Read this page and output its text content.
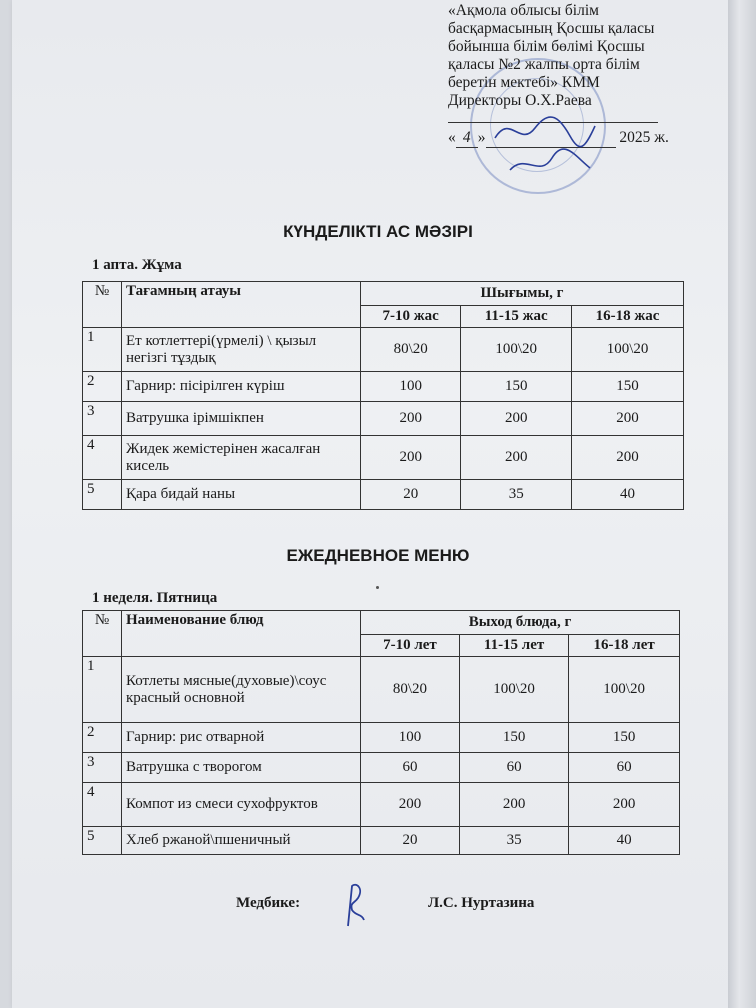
«Ақмола облысы білім
басқармасының Қосшы қаласы
бойынша білім бөлімі Қосшы
қаласы №2 жалпы орта білім
беретін мектебі» КММ
Директоры О.Х.Раева
« 4 »	2025 ж.
КҮНДЕЛІКТІ АС МӘЗІРІ
1 апта. Жұма
№	Тағамның атауы	Шығымы, г		
		7-10 жас	11-15 жас	16-18 жас
1	Ет котлеттері(үрмелі) \ қызыл негізгі тұздық	80\20	100\20	100\20
2	Гарнир: пісірілген күріш	100	150	150
3	Ватрушка ірімшікпен	200	200	200
4	Жидек жемістерінен жасалған кисель	200	200	200
5	Қара бидай наны	20	35	40
ЕЖЕДНЕВНОЕ МЕНЮ
1 неделя. Пятница
№	Наименование блюд	Выход блюда, г		
		7-10 лет	11-15 лет	16-18 лет
1	Котлеты мясные(духовые)\соус красный основной	80\20	100\20	100\20
2	Гарнир: рис отварной	100	150	150
3	Ватрушка с творогом	60	60	60
4	Компот из смеси сухофруктов	200	200	200
5	Хлеб ржаной\пшеничный	20	35	40
Медбике:	Л.С. Нуртазина
